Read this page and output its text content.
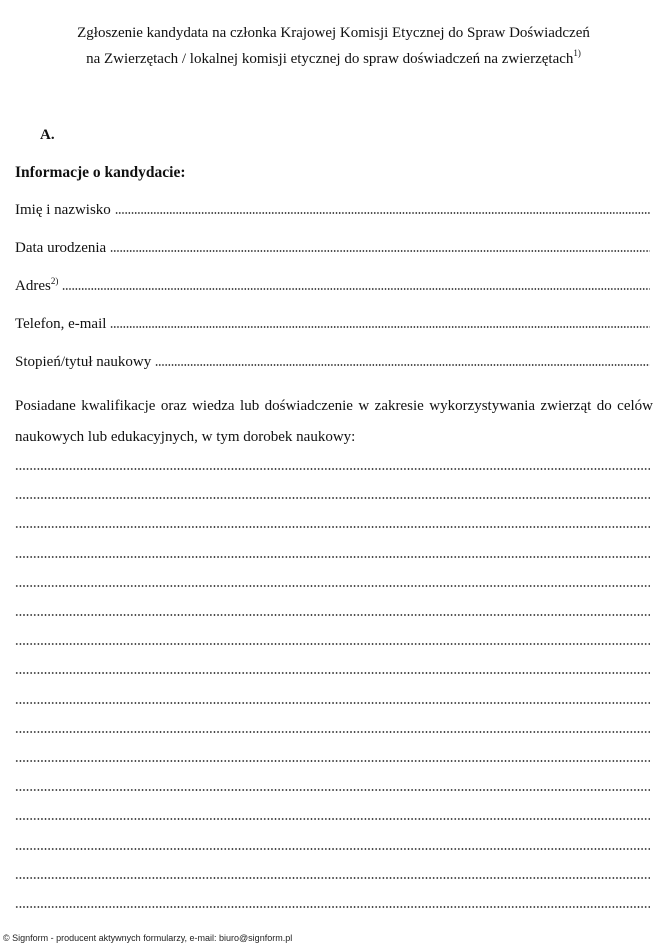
Zgłoszenie kandydata na członka Krajowej Komisji Etycznej do Spraw Doświadczeń
na Zwierzętach / lokalnej komisji etycznej do spraw doświadczeń na zwierzętach$^{1)}$
A.
Informacje o kandydacie:
Imię i nazwisko
Data urodzenia
Adres$^{2)}$
Telefon, e-mail
Stopień/tytuł naukowy
Posiadane kwalifikacje oraz wiedza lub doświadczenie w zakresie wykorzystywania zwierząt do celów naukowych lub edukacyjnych, w tym dorobek naukowy:
© Signform - producent aktywnych formularzy, e-mail: biuro@signform.pl
